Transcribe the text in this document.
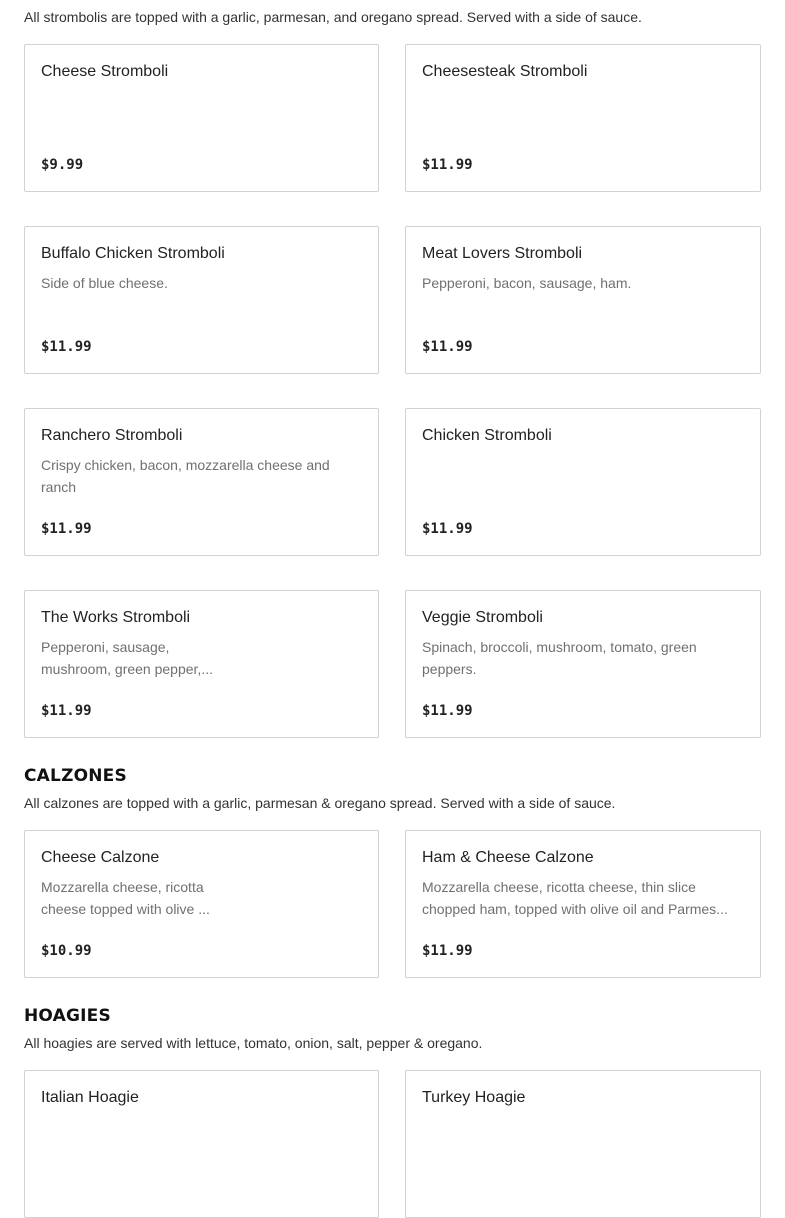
All strombolis are topped with a garlic, parmesan, and oregano spread. Served with a side of sauce.

Cheese Stromboli
$9.99
Cheesesteak Stromboli
$11.99
Buffalo Chicken Stromboli
Side of blue cheese.
$11.99
Meat Lovers Stromboli
Pepperoni, bacon, sausage, ham.
$11.99
Ranchero Stromboli
Crispy chicken, bacon, mozzarella cheese and ranch
$11.99
Chicken Stromboli
$11.99
The Works Stromboli
Pepperoni, sausage, mushroom, green pepper,...
$11.99
Veggie Stromboli
Spinach, broccoli, mushroom, tomato, green peppers.
$11.99
CALZONES

All calzones are topped with a garlic, parmesan & oregano spread. Served with a side of sauce.

Cheese Calzone
Mozzarella cheese, ricotta cheese topped with olive ...
$10.99
Ham & Cheese Calzone
Mozzarella cheese, ricotta cheese, thin slice chopped ham, topped with olive oil and Parmes...
$11.99
HOAGIES

All hoagies are served with lettuce, tomato, onion, salt, pepper & oregano.

Italian Hoagie	Turkey Hoagie
